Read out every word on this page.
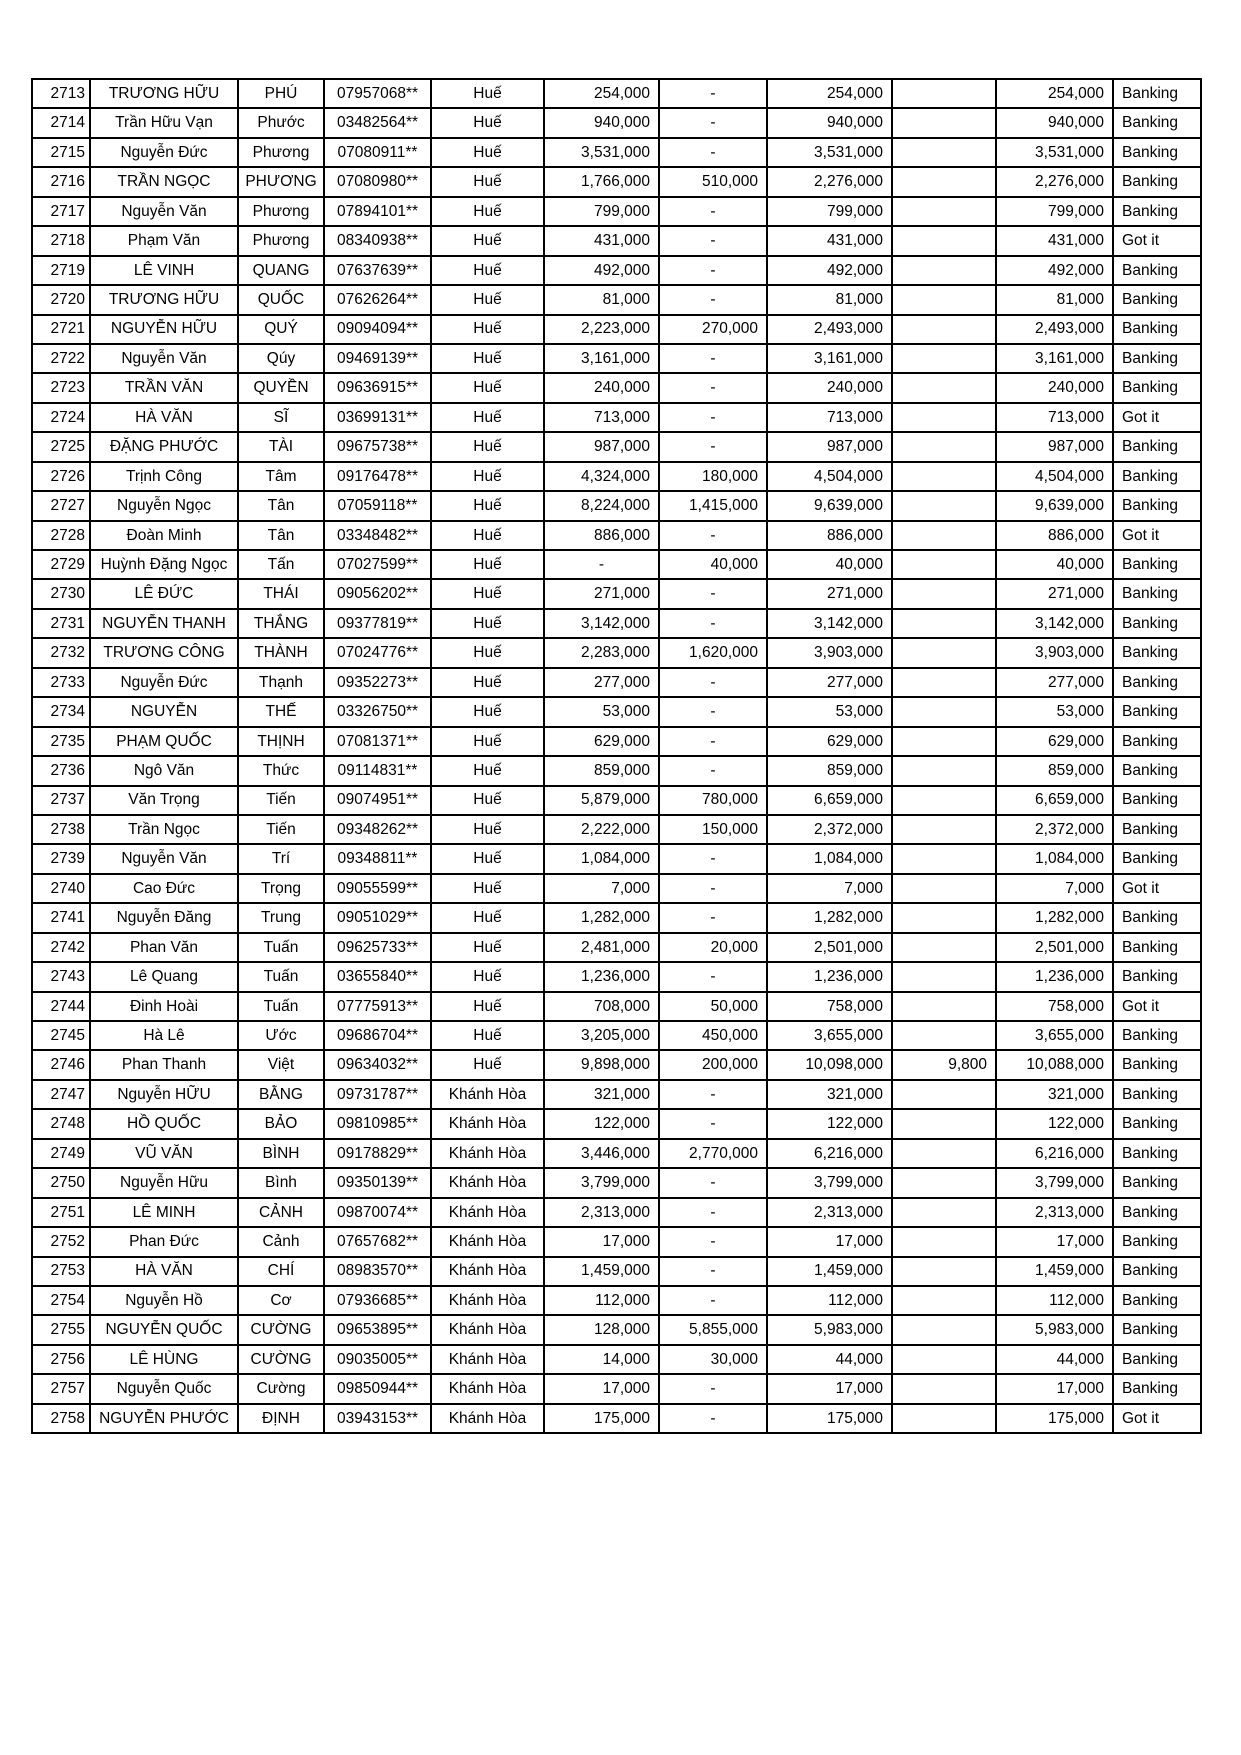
2713	TRƯƠNG HỮU	PHÚ	07957068**	Huế	254,000	-	254,000		254,000	Banking
2714	Trần Hữu Vạn	Phước	03482564**	Huế	940,000	-	940,000		940,000	Banking
2715	Nguyễn Đức	Phương	07080911**	Huế	3,531,000	-	3,531,000		3,531,000	Banking
2716	TRẦN NGỌC	PHƯƠNG	07080980**	Huế	1,766,000	510,000	2,276,000		2,276,000	Banking
2717	Nguyễn Văn	Phương	07894101**	Huế	799,000	-	799,000		799,000	Banking
2718	Phạm Văn	Phương	08340938**	Huế	431,000	-	431,000		431,000	Got it
2719	LÊ VINH	QUANG	07637639**	Huế	492,000	-	492,000		492,000	Banking
2720	TRƯƠNG HỮU	QUỐC	07626264**	Huế	81,000	-	81,000		81,000	Banking
2721	NGUYỄN HỮU	QUÝ	09094094**	Huế	2,223,000	270,000	2,493,000		2,493,000	Banking
2722	Nguyễn Văn	Qúy	09469139**	Huế	3,161,000	-	3,161,000		3,161,000	Banking
2723	TRẦN VĂN	QUYỀN	09636915**	Huế	240,000	-	240,000		240,000	Banking
2724	HÀ VĂN	SĨ	03699131**	Huế	713,000	-	713,000		713,000	Got it
2725	ĐẶNG PHƯỚC	TÀI	09675738**	Huế	987,000	-	987,000		987,000	Banking
2726	Trịnh Công	Tâm	09176478**	Huế	4,324,000	180,000	4,504,000		4,504,000	Banking
2727	Nguyễn Ngọc	Tân	07059118**	Huế	8,224,000	1,415,000	9,639,000		9,639,000	Banking
2728	Đoàn Minh	Tân	03348482**	Huế	886,000	-	886,000		886,000	Got it
2729	Huỳnh Đặng Ngọc	Tấn	07027599**	Huế	-	40,000	40,000		40,000	Banking
2730	LÊ ĐỨC	THÁI	09056202**	Huế	271,000	-	271,000		271,000	Banking
2731	NGUYỄN THANH	THẮNG	09377819**	Huế	3,142,000	-	3,142,000		3,142,000	Banking
2732	TRƯƠNG CÔNG	THÀNH	07024776**	Huế	2,283,000	1,620,000	3,903,000		3,903,000	Banking
2733	Nguyễn Đức	Thạnh	09352273**	Huế	277,000	-	277,000		277,000	Banking
2734	NGUYỄN	THẾ	03326750**	Huế	53,000	-	53,000		53,000	Banking
2735	PHẠM QUỐC	THỊNH	07081371**	Huế	629,000	-	629,000		629,000	Banking
2736	Ngô Văn	Thức	09114831**	Huế	859,000	-	859,000		859,000	Banking
2737	Văn Trọng	Tiến	09074951**	Huế	5,879,000	780,000	6,659,000		6,659,000	Banking
2738	Trần Ngọc	Tiến	09348262**	Huế	2,222,000	150,000	2,372,000		2,372,000	Banking
2739	Nguyễn Văn	Trí	09348811**	Huế	1,084,000	-	1,084,000		1,084,000	Banking
2740	Cao Đức	Trọng	09055599**	Huế	7,000	-	7,000		7,000	Got it
2741	Nguyễn Đăng	Trung	09051029**	Huế	1,282,000	-	1,282,000		1,282,000	Banking
2742	Phan Văn	Tuấn	09625733**	Huế	2,481,000	20,000	2,501,000		2,501,000	Banking
2743	Lê Quang	Tuấn	03655840**	Huế	1,236,000	-	1,236,000		1,236,000	Banking
2744	Đinh Hoài	Tuấn	07775913**	Huế	708,000	50,000	758,000		758,000	Got it
2745	Hà Lê	Ước	09686704**	Huế	3,205,000	450,000	3,655,000		3,655,000	Banking
2746	Phan Thanh	Việt	09634032**	Huế	9,898,000	200,000	10,098,000	9,800	10,088,000	Banking
2747	Nguyễn HỮU	BẰNG	09731787**	Khánh Hòa	321,000	-	321,000		321,000	Banking
2748	HỒ QUỐC	BẢO	09810985**	Khánh Hòa	122,000	-	122,000		122,000	Banking
2749	VŨ VĂN	BÌNH	09178829**	Khánh Hòa	3,446,000	2,770,000	6,216,000		6,216,000	Banking
2750	Nguyễn Hữu	Bình	09350139**	Khánh Hòa	3,799,000	-	3,799,000		3,799,000	Banking
2751	LÊ MINH	CẢNH	09870074**	Khánh Hòa	2,313,000	-	2,313,000		2,313,000	Banking
2752	Phan Đức	Cảnh	07657682**	Khánh Hòa	17,000	-	17,000		17,000	Banking
2753	HÀ VĂN	CHÍ	08983570**	Khánh Hòa	1,459,000	-	1,459,000		1,459,000	Banking
2754	Nguyễn Hồ	Cơ	07936685**	Khánh Hòa	112,000	-	112,000		112,000	Banking
2755	NGUYỄN QUỐC	CƯỜNG	09653895**	Khánh Hòa	128,000	5,855,000	5,983,000		5,983,000	Banking
2756	LÊ HÙNG	CƯỜNG	09035005**	Khánh Hòa	14,000	30,000	44,000		44,000	Banking
2757	Nguyễn Quốc	Cường	09850944**	Khánh Hòa	17,000	-	17,000		17,000	Banking
2758	NGUYỄN PHƯỚC	ĐỊNH	03943153**	Khánh Hòa	175,000	-	175,000		175,000	Got it
